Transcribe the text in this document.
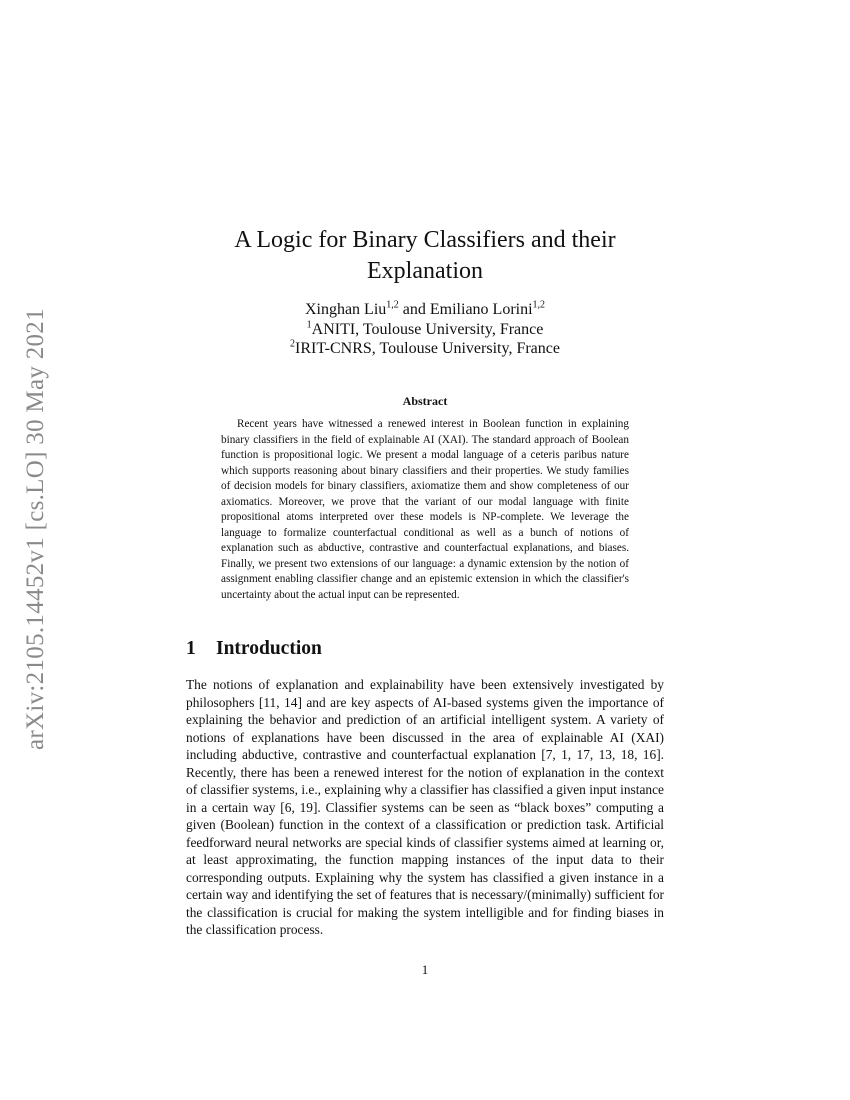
arXiv:2105.14452v1 [cs.LO] 30 May 2021
A Logic for Binary Classifiers and their Explanation
Xinghan Liu$^{1,2}$ and Emiliano Lorini$^{1,2}$
$^1$ANITI, Toulouse University, France
$^2$IRIT-CNRS, Toulouse University, France
Abstract

Recent years have witnessed a renewed interest in Boolean function in explaining binary classifiers in the field of explainable AI (XAI). The standard approach of Boolean function is propositional logic. We present a modal language of a ceteris paribus nature which supports reasoning about binary classifiers and their properties. We study families of decision models for binary classifiers, axiomatize them and show completeness of our axiomatics. Moreover, we prove that the variant of our modal language with finite propositional atoms interpreted over these models is NP-complete. We leverage the language to formalize counterfactual conditional as well as a bunch of notions of explanation such as abductive, contrastive and counterfactual explanations, and biases. Finally, we present two extensions of our language: a dynamic extension by the notion of assignment enabling classifier change and an epistemic extension in which the classifier's uncertainty about the actual input can be represented.

1 Introduction

The notions of explanation and explainability have been extensively investigated by philosophers [11, 14] and are key aspects of AI-based systems given the importance of explaining the behavior and prediction of an artificial intelligent system. A variety of notions of explanations have been discussed in the area of explainable AI (XAI) including abductive, contrastive and counterfactual explanation [7, 1, 17, 13, 18, 16]. Recently, there has been a renewed interest for the notion of explanation in the context of classifier systems, i.e., explaining why a classifier has classified a given input instance in a certain way [6, 19]. Classifier systems can be seen as “black boxes” computing a given (Boolean) function in the context of a classification or prediction task. Artificial feedforward neural networks are special kinds of classifier systems aimed at learning or, at least approximating, the function mapping instances of the input data to their corresponding outputs. Explaining why the system has classified a given instance in a certain way and identifying the set of features that is necessary/(minimally) sufficient for the classification is crucial for making the system intelligible and for finding biases in the classification process.

1
